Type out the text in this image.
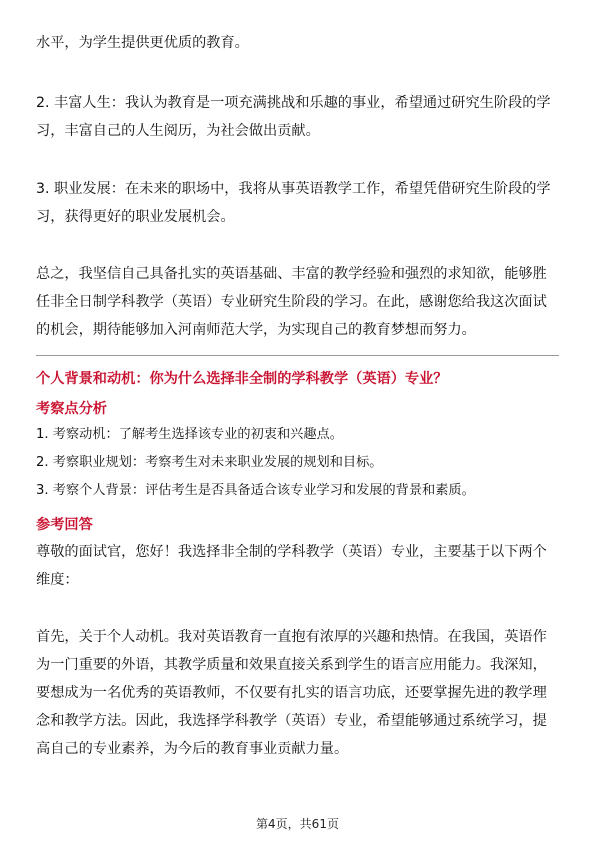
水平，为学生提供更优质的教育。

2. 丰富人生：我认为教育是一项充满挑战和乐趣的事业，希望通过研究生阶段的学习，丰富自己的人生阅历，为社会做出贡献。

3. 职业发展：在未来的职场中，我将从事英语教学工作，希望凭借研究生阶段的学习，获得更好的职业发展机会。

总之，我坚信自己具备扎实的英语基础、丰富的教学经验和强烈的求知欲，能够胜任非全日制学科教学（英语）专业研究生阶段的学习。在此，感谢您给我这次面试的机会，期待能够加入河南师范大学，为实现自己的教育梦想而努力。

个人背景和动机：你为什么选择非全制的学科教学（英语）专业？

考察点分析

1. 考察动机：了解考生选择该专业的初衷和兴趣点。

2. 考察职业规划：考察考生对未来职业发展的规划和目标。

3. 考察个人背景：评估考生是否具备适合该专业学习和发展的背景和素质。

参考回答

尊敬的面试官，您好！我选择非全制的学科教学（英语）专业，主要基于以下两个维度：

首先，关于个人动机。我对英语教育一直抱有浓厚的兴趣和热情。在我国，英语作为一门重要的外语，其教学质量和效果直接关系到学生的语言应用能力。我深知，要想成为一名优秀的英语教师，不仅要有扎实的语言功底，还要掌握先进的教学理念和教学方法。因此，我选择学科教学（英语）专业，希望能够通过系统学习，提高自己的专业素养，为今后的教育事业贡献力量。

第4页，共61页
